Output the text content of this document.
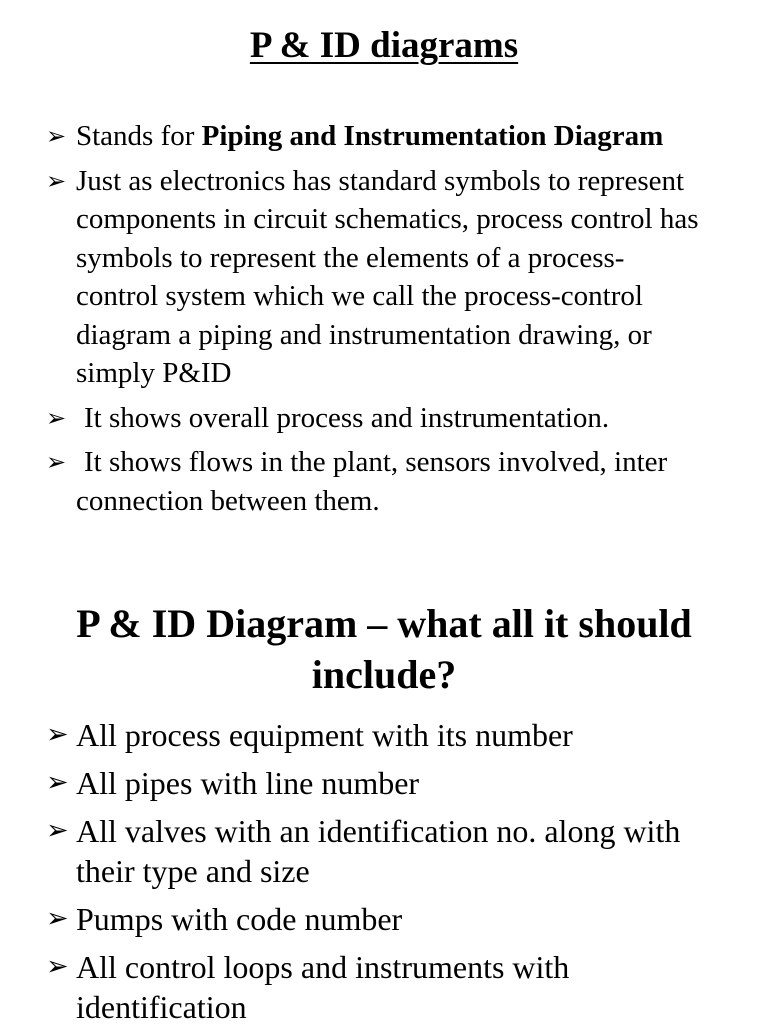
P & ID diagrams
➢ Stands for Piping and Instrumentation Diagram
➢ Just as electronics has standard symbols to represent components in circuit schematics, process control has symbols to represent the elements of a process-control system which we call the process-control diagram a piping and instrumentation drawing, or simply P&ID
➢ It shows overall process and instrumentation.
➢ It shows flows in the plant, sensors involved, inter connection between them.
P & ID Diagram – what all it should include?
➢ All process equipment with its number
➢ All pipes with line number
➢ All valves with an identification no. along with their type and size
➢ Pumps with code number
➢ All control loops and instruments with identification
